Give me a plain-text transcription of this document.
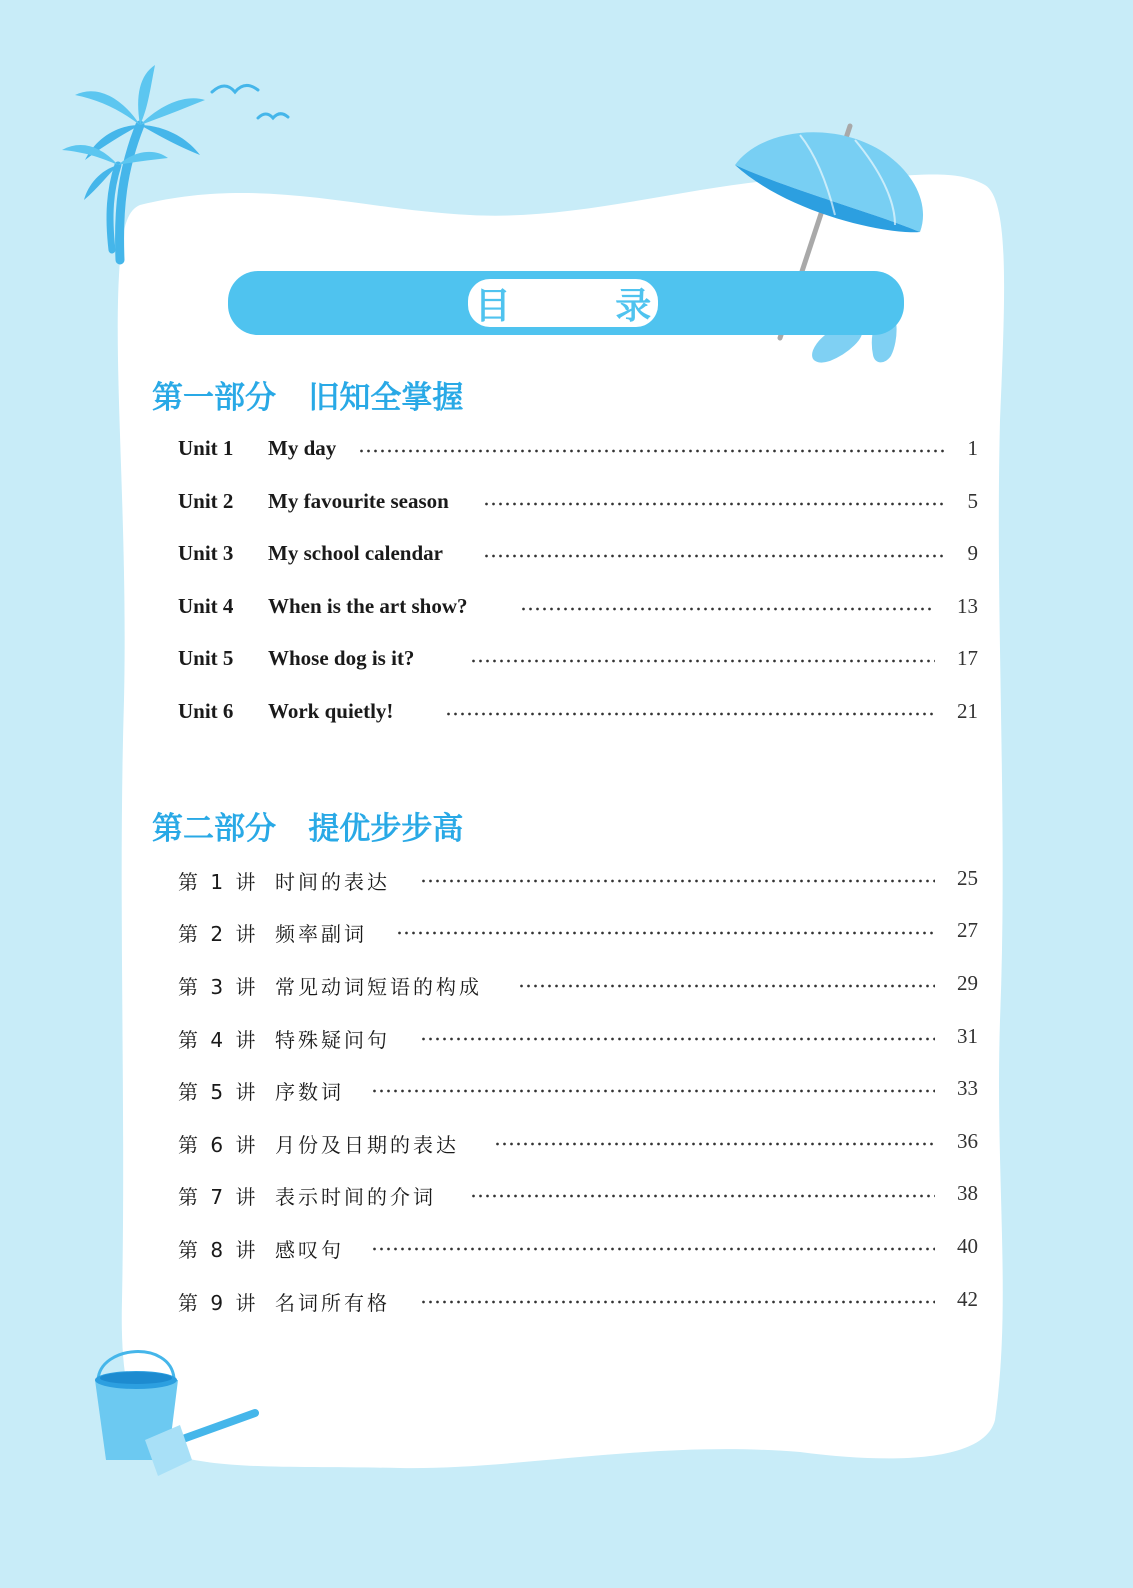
目 录
第一部分 旧知全掌握
Unit 1 My day	1
Unit 2 My favourite season	5
Unit 3 My school calendar	9
Unit 4 When is the art show?	13
Unit 5 Whose dog is it?	17
Unit 6 Work quietly!	21
第二部分 提优步步高
第 1 讲 时间的表达	25
第 2 讲 频率副词	27
第 3 讲 常见动词短语的构成	29
第 4 讲 特殊疑问句	31
第 5 讲 序数词	33
第 6 讲 月份及日期的表达	36
第 7 讲 表示时间的介词	38
第 8 讲 感叹句	40
第 9 讲 名词所有格	42
